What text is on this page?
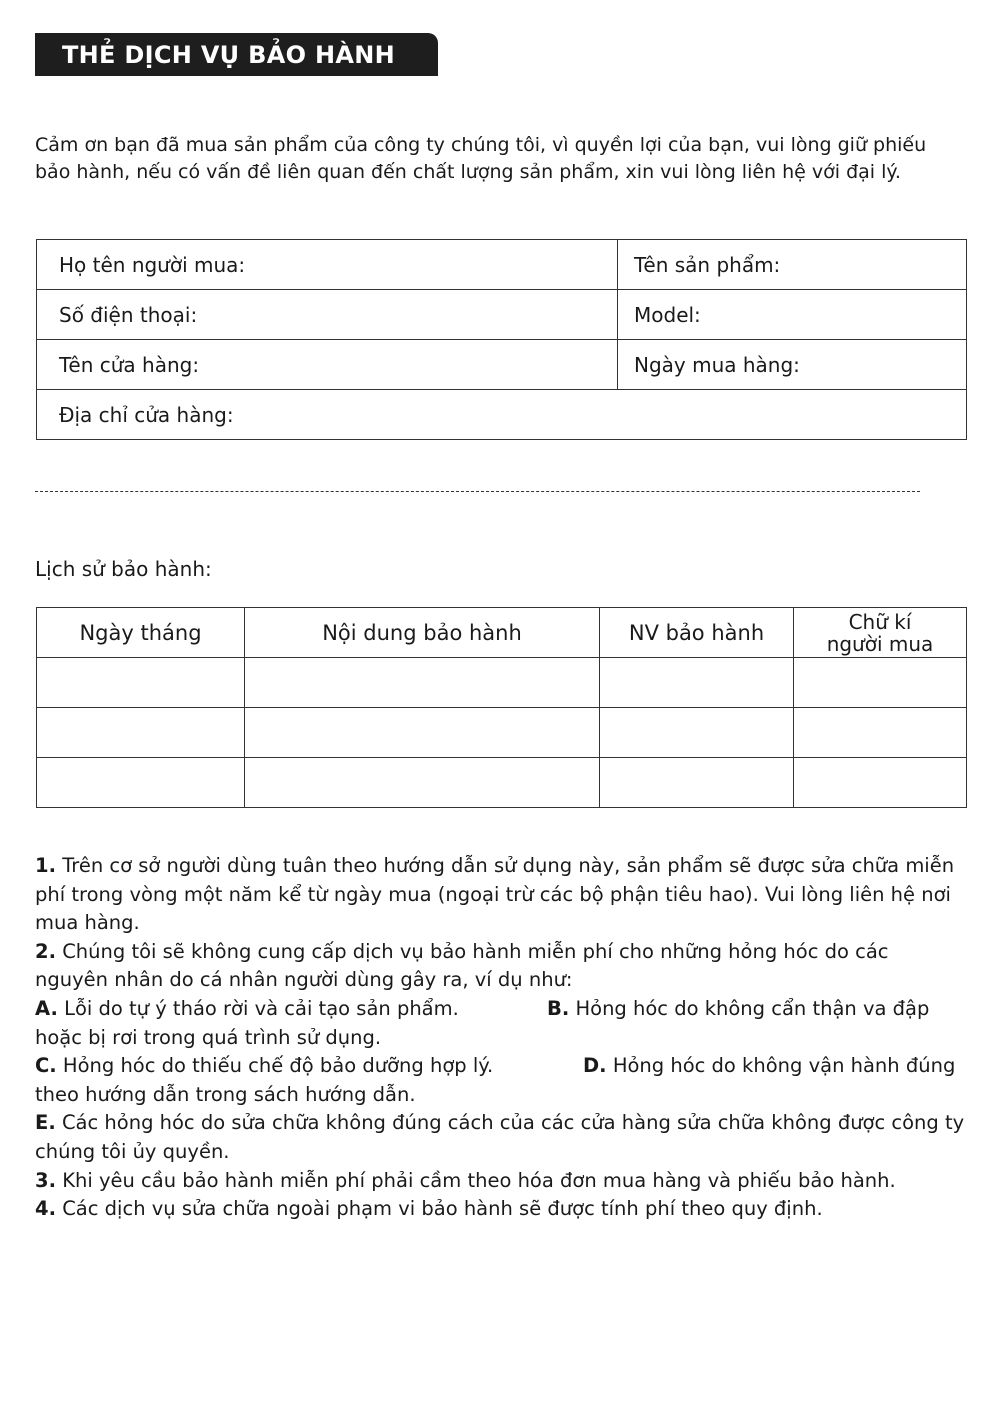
THẺ DỊCH VỤ BẢO HÀNH

Cảm ơn bạn đã mua sản phẩm của công ty chúng tôi, vì quyền lợi của bạn, vui lòng giữ phiếu bảo hành, nếu có vấn đề liên quan đến chất lượng sản phẩm, xin vui lòng liên hệ với đại lý.

Họ tên người mua:	Tên sản phẩm:
Số điện thoại:	Model:
Tên cửa hàng:	Ngày mua hàng:
Địa chỉ cửa hàng:	

Lịch sử bảo hành:

Ngày tháng	Nội dung bảo hành	NV bảo hành	Chữ kí
người mua

1. Trên cơ sở người dùng tuân theo hướng dẫn sử dụng này, sản phẩm sẽ được sửa chữa miễn phí trong vòng một năm kể từ ngày mua (ngoại trừ các bộ phận tiêu hao). Vui lòng liên hệ nơi mua hàng.

2. Chúng tôi sẽ không cung cấp dịch vụ bảo hành miễn phí cho những hỏng hóc do các nguyên nhân do cá nhân người dùng gây ra, ví dụ như:

A. Lỗi do tự ý tháo rời và cải tạo sản phẩm.	B. Hỏng hóc do không cẩn thận va đập hoặc bị rơi trong quá trình sử dụng.

C. Hỏng hóc do thiếu chế độ bảo dưỡng hợp lý.	D. Hỏng hóc do không vận hành đúng theo hướng dẫn trong sách hướng dẫn.

E. Các hỏng hóc do sửa chữa không đúng cách của các cửa hàng sửa chữa không được công ty chúng tôi ủy quyền.

3. Khi yêu cầu bảo hành miễn phí phải cầm theo hóa đơn mua hàng và phiếu bảo hành.

4. Các dịch vụ sửa chữa ngoài phạm vi bảo hành sẽ được tính phí theo quy định.
